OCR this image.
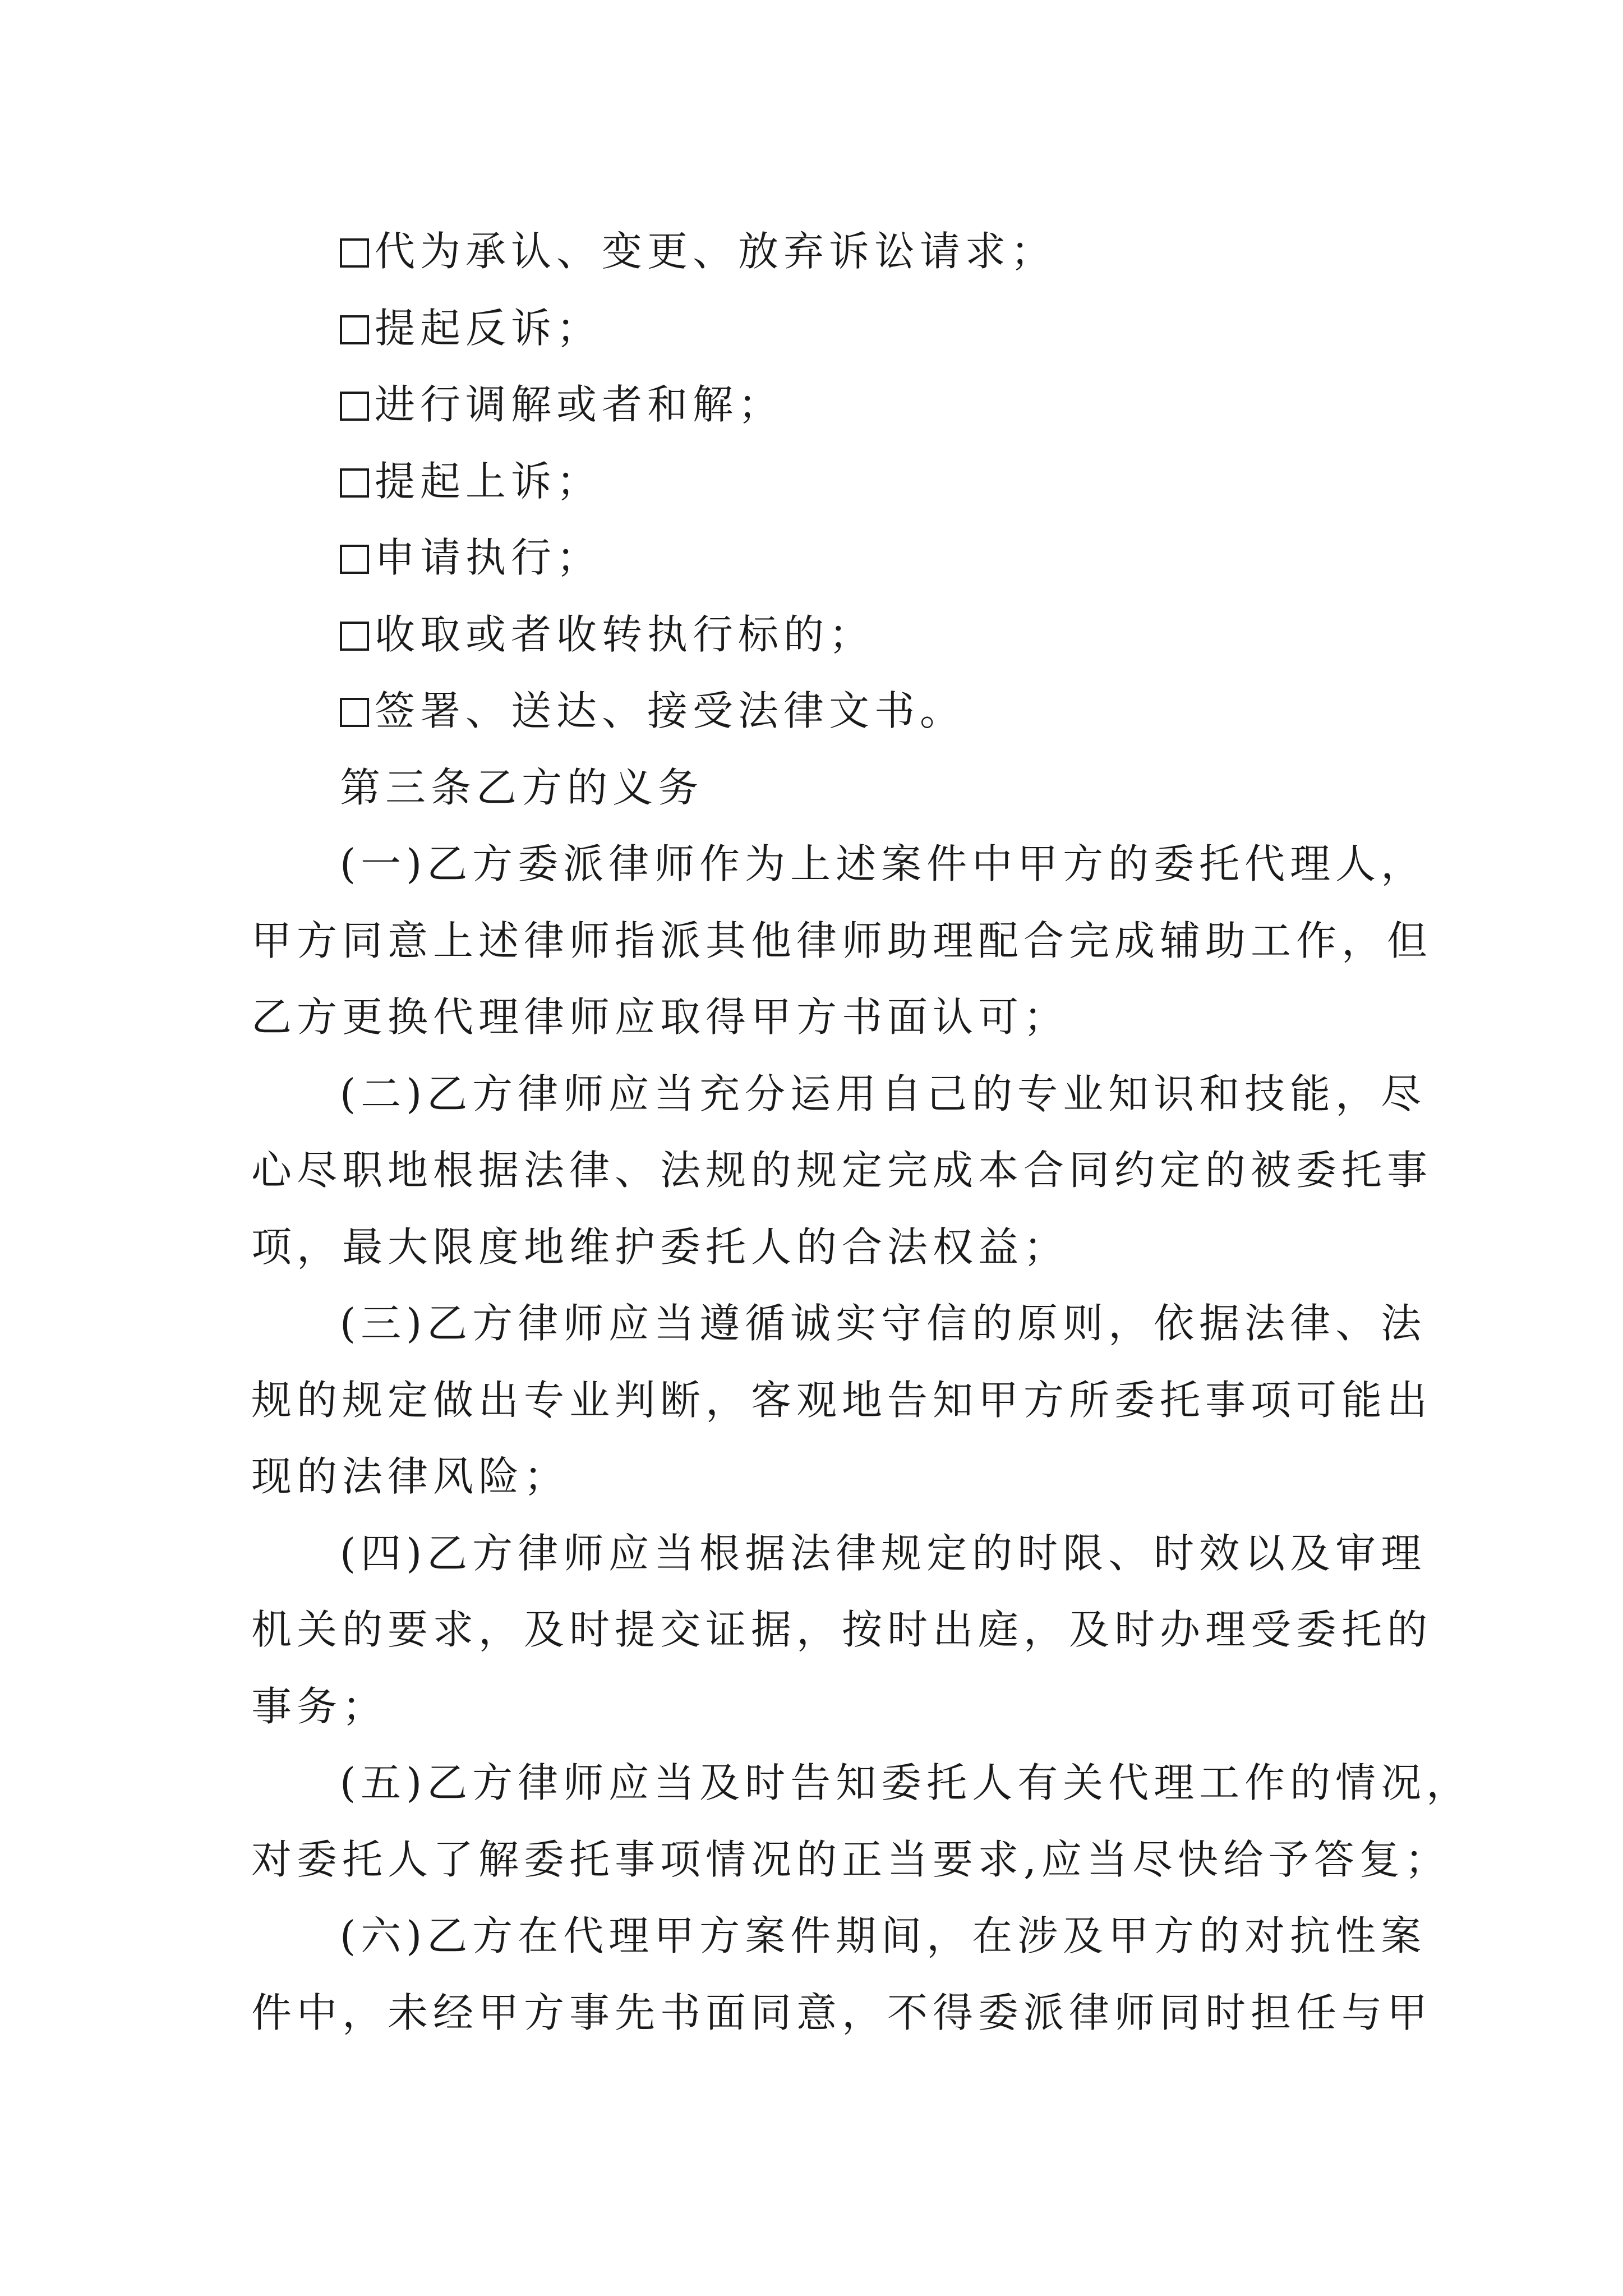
代为承认、变更、放弃诉讼请求；
提起反诉；
进行调解或者和解；
提起上诉；
申请执行；
收取或者收转执行标的；
签署、送达、接受法律文书。
第三条乙方的义务
(一)乙方委派律师作为上述案件中甲方的委托代理人，
甲方同意上述律师指派其他律师助理配合完成辅助工作，但
乙方更换代理律师应取得甲方书面认可；
(二)乙方律师应当充分运用自己的专业知识和技能，尽
心尽职地根据法律、法规的规定完成本合同约定的被委托事
项，最大限度地维护委托人的合法权益；
(三)乙方律师应当遵循诚实守信的原则，依据法律、法
规的规定做出专业判断，客观地告知甲方所委托事项可能出
现的法律风险；
(四)乙方律师应当根据法律规定的时限、时效以及审理
机关的要求，及时提交证据，按时出庭，及时办理受委托的
事务；
(五)乙方律师应当及时告知委托人有关代理工作的情况，
对委托人了解委托事项情况的正当要求,应当尽快给予答复；
(六)乙方在代理甲方案件期间，在涉及甲方的对抗性案
件中，未经甲方事先书面同意，不得委派律师同时担任与甲
